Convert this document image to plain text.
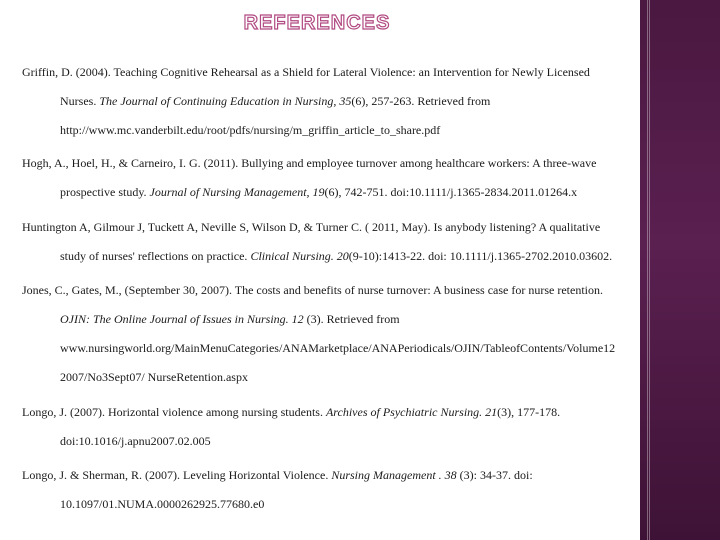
REFERENCES
Griffin, D. (2004). Teaching Cognitive Rehearsal as a Shield for Lateral Violence: an Intervention for Newly Licensed
Nurses. The Journal of Continuing Education in Nursing, 35(6), 257-263. Retrieved from
http://www.mc.vanderbilt.edu/root/pdfs/nursing/m_griffin_article_to_share.pdf
Hogh, A., Hoel, H., & Carneiro, I. G. (2011). Bullying and employee turnover among healthcare workers: A three-wave
prospective study. Journal of Nursing Management, 19(6), 742-751. doi:10.1111/j.1365-2834.2011.01264.x
Huntington A, Gilmour J, Tuckett A, Neville S, Wilson D, & Turner C. ( 2011, May). Is anybody listening? A qualitative
study of nurses' reflections on practice. Clinical Nursing. 20(9-10):1413-22. doi: 10.1111/j.1365-2702.2010.03602.
Jones, C., Gates, M., (September 30, 2007). The costs and benefits of nurse turnover: A business case for nurse retention.
OJIN: The Online Journal of Issues in Nursing. 12 (3). Retrieved from
www.nursingworld.org/MainMenuCategories/ANAMarketplace/ANAPeriodicals/OJIN/TableofContents/Volume12
2007/No3Sept07/ NurseRetention.aspx
Longo, J. (2007). Horizontal violence among nursing students. Archives of Psychiatric Nursing. 21(3), 177-178.
doi:10.1016/j.apnu2007.02.005
Longo, J. & Sherman, R. (2007). Leveling Horizontal Violence. Nursing Management . 38 (3): 34-37. doi:
10.1097/01.NUMA.0000262925.77680.e0
